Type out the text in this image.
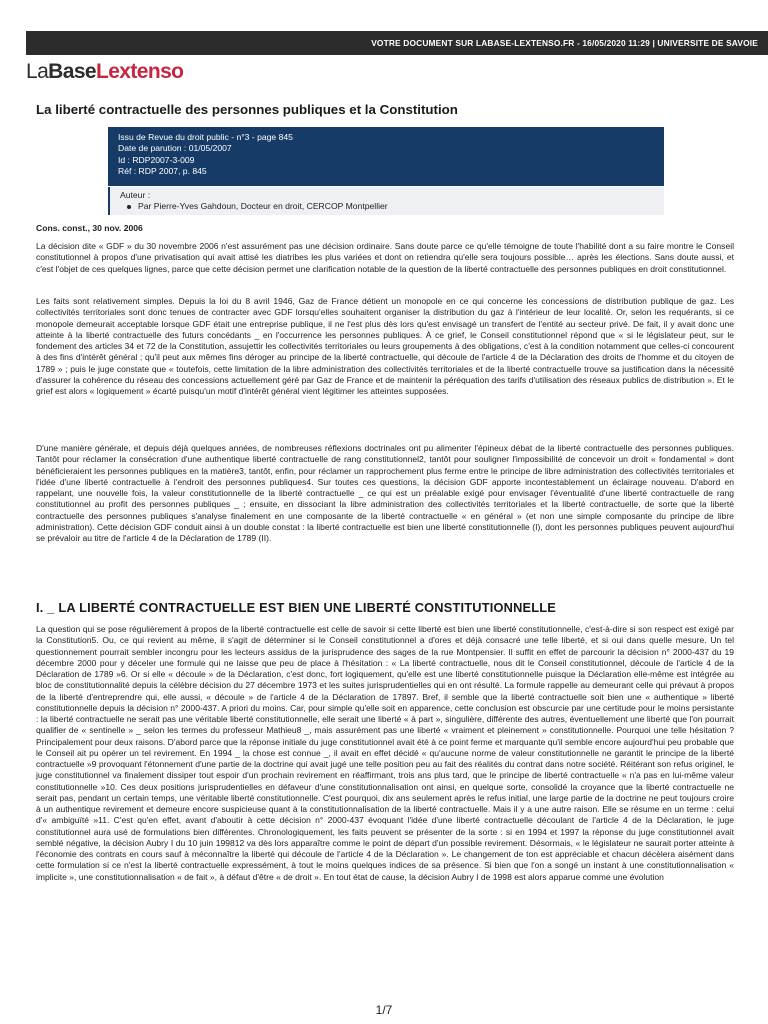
VOTRE DOCUMENT SUR LABASE-LEXTENSO.FR - 16/05/2020 11:29 | UNIVERSITE DE SAVOIE
LaBaseLextenso
La liberté contractuelle des personnes publiques et la Constitution
Issu de Revue du droit public - n°3 - page 845
Date de parution : 01/05/2007
Id : RDP2007-3-009
Réf : RDP 2007, p. 845
Auteur :
Par Pierre-Yves Gahdoun, Docteur en droit, CERCOP Montpellier
Cons. const., 30 nov. 2006
La décision dite « GDF » du 30 novembre 2006 n'est assurément pas une décision ordinaire. Sans doute parce ce qu'elle témoigne de toute l'habilité dont a su faire montre le Conseil constitutionnel à propos d'une privatisation qui avait attisé les diatribes les plus variées et dont on retiendra qu'elle sera toujours possible… après les élections. Sans doute aussi, et c'est l'objet de ces quelques lignes, parce que cette décision permet une clarification notable de la question de la liberté contractuelle des personnes publiques en droit constitutionnel.
Les faits sont relativement simples. Depuis la loi du 8 avril 1946, Gaz de France détient un monopole en ce qui concerne les concessions de distribution publique de gaz. Les collectivités territoriales sont donc tenues de contracter avec GDF lorsqu'elles souhaitent organiser la distribution du gaz à l'intérieur de leur localité. Or, selon les requérants, si ce monopole demeurait acceptable lorsque GDF était une entreprise publique, il ne l'est plus dès lors qu'est envisagé un transfert de l'entité au secteur privé. De fait, il y avait donc une atteinte à la liberté contractuelle des futurs concédants _ en l'occurrence les personnes publiques. À ce grief, le Conseil constitutionnel répond que « si le législateur peut, sur le fondement des articles 34 et 72 de la Constitution, assujettir les collectivités territoriales ou leurs groupements à des obligations, c'est à la condition notamment que celles-ci concourent à des fins d'intérêt général ; qu'il peut aux mêmes fins déroger au principe de la liberté contractuelle, qui découle de l'article 4 de la Déclaration des droits de l'homme et du citoyen de 1789 » ; puis le juge constate que « toutefois, cette limitation de la libre administration des collectivités territoriales et de la liberté contractuelle trouve sa justification dans la nécessité d'assurer la cohérence du réseau des concessions actuellement géré par Gaz de France et de maintenir la péréquation des tarifs d'utilisation des réseaux publics de distribution ». Et le grief est alors « logiquement » écarté puisqu'un motif d'intérêt général vient légitimer les atteintes supposées.
D'une manière générale, et depuis déjà quelques années, de nombreuses réflexions doctrinales ont pu alimenter l'épineux débat de la liberté contractuelle des personnes publiques. Tantôt pour réclamer la consécration d'une authentique liberté contractuelle de rang constitutionnel2, tantôt pour souligner l'impossibilité de concevoir un droit « fondamental » dont bénéficieraient les personnes publiques en la matière3, tantôt, enfin, pour réclamer un rapprochement plus ferme entre le principe de libre administration des collectivités territoriales et l'idée d'une liberté contractuelle à l'endroit des personnes publiques4. Sur toutes ces questions, la décision GDF apporte incontestablement un éclairage nouveau. D'abord en rappelant, une nouvelle fois, la valeur constitutionnelle de la liberté contractuelle _ ce qui est un préalable exigé pour envisager l'éventualité d'une liberté contractuelle de rang constitutionnel au profit des personnes publiques _ ; ensuite, en dissociant la libre administration des collectivités territoriales et la liberté contractuelle, de sorte que la liberté contractuelle des personnes publiques s'analyse finalement en une composante de la liberté contractuelle « en général » (et non une simple composante du principe de libre administration). Cette décision GDF conduit ainsi à un double constat : la liberté contractuelle est bien une liberté constitutionnelle (I), dont les personnes publiques peuvent aujourd'hui se prévaloir au titre de l'article 4 de la Déclaration de 1789 (II).
I. _ LA LIBERTÉ CONTRACTUELLE EST BIEN UNE LIBERTÉ CONSTITUTIONNELLE
La question qui se pose régulièrement à propos de la liberté contractuelle est celle de savoir si cette liberté est bien une liberté constitutionnelle, c'est-à-dire si son respect est exigé par la Constitution5. Ou, ce qui revient au même, il s'agit de déterminer si le Conseil constitutionnel a d'ores et déjà consacré une telle liberté, et si oui dans quelle mesure. Un tel questionnement pourrait sembler incongru pour les lecteurs assidus de la jurisprudence des sages de la rue Montpensier. Il suffit en effet de parcourir la décision n° 2000-437 du 19 décembre 2000 pour y déceler une formule qui ne laisse que peu de place à l'hésitation : « La liberté contractuelle, nous dit le Conseil constitutionnel, découle de l'article 4 de la Déclaration de 1789 »6. Or si elle « découle » de la Déclaration, c'est donc, fort logiquement, qu'elle est une liberté constitutionnelle puisque la Déclaration elle-même est intégrée au bloc de constitutionnalité depuis la célèbre décision du 27 décembre 1973 et les suites jurisprudentielles qui en ont résulté. La formule rappelle au demeurant celle qui prévaut à propos de la liberté d'entreprendre qui, elle aussi, « découle » de l'article 4 de la Déclaration de 17897. Bref, il semble que la liberté contractuelle soit bien une « authentique » liberté constitutionnelle depuis la décision n° 2000-437. A priori du moins. Car, pour simple qu'elle soit en apparence, cette conclusion est obscurcie par une certitude pour le moins persistante : la liberté contractuelle ne serait pas une véritable liberté constitutionnelle, elle serait une liberté « à part », singulière, différente des autres, éventuellement une liberté que l'on pourrait qualifier de « sentinelle » _ selon les termes du professeur Mathieu8 _, mais assurément pas une liberté « vraiment et pleinement » constitutionnelle. Pourquoi une telle hésitation ? Principalement pour deux raisons. D'abord parce que la réponse initiale du juge constitutionnel avait été à ce point ferme et marquante qu'il semble encore aujourd'hui peu probable que le Conseil ait pu opérer un tel revirement. En 1994 _ la chose est connue _, il avait en effet décidé « qu'aucune norme de valeur constitutionnelle ne garantit le principe de la liberté contractuelle »9 provoquant l'étonnement d'une partie de la doctrine qui avait jugé une telle position peu au fait des réalités du contrat dans notre société. Réitérant son refus originel, le juge constitutionnel va finalement dissiper tout espoir d'un prochain revirement en réaffirmant, trois ans plus tard, que le principe de liberté contractuelle « n'a pas en lui-même valeur constitutionnelle »10. Ces deux positions jurisprudentielles en défaveur d'une constitutionnalisation ont ainsi, en quelque sorte, consolidé la croyance que la liberté contractuelle ne serait pas, pendant un certain temps, une véritable liberté constitutionnelle. C'est pourquoi, dix ans seulement après le refus initial, une large partie de la doctrine ne peut toujours croire à un authentique revirement et demeure encore suspicieuse quant à la constitutionnalisation de la liberté contractuelle. Mais il y a une autre raison. Elle se résume en un terme : celui d'« ambiguïté »11. C'est qu'en effet, avant d'aboutir à cette décision n° 2000-437 évoquant l'idée d'une liberté contractuelle découlant de l'article 4 de la Déclaration, le juge constitutionnel aura usé de formulations bien différentes. Chronologiquement, les faits peuvent se présenter de la sorte : si en 1994 et 1997 la réponse du juge constitutionnel avait semblé négative, la décision Aubry I du 10 juin 199812 va dès lors apparaître comme le point de départ d'un possible revirement. Désormais, « le législateur ne saurait porter atteinte à l'économie des contrats en cours sauf à méconnaître la liberté qui découle de l'article 4 de la Déclaration ». Le changement de ton est appréciable et chacun décèlera aisément dans cette formulation si ce n'est la liberté contractuelle expressément, à tout le moins quelques indices de sa présence. Si bien que l'on a songé un instant à une constitutionnalisation « implicite », une constitutionnalisation « de fait », à défaut d'être « de droit ». En tout état de cause, la décision Aubry I de 1998 est alors apparue comme une évolution
1/7
